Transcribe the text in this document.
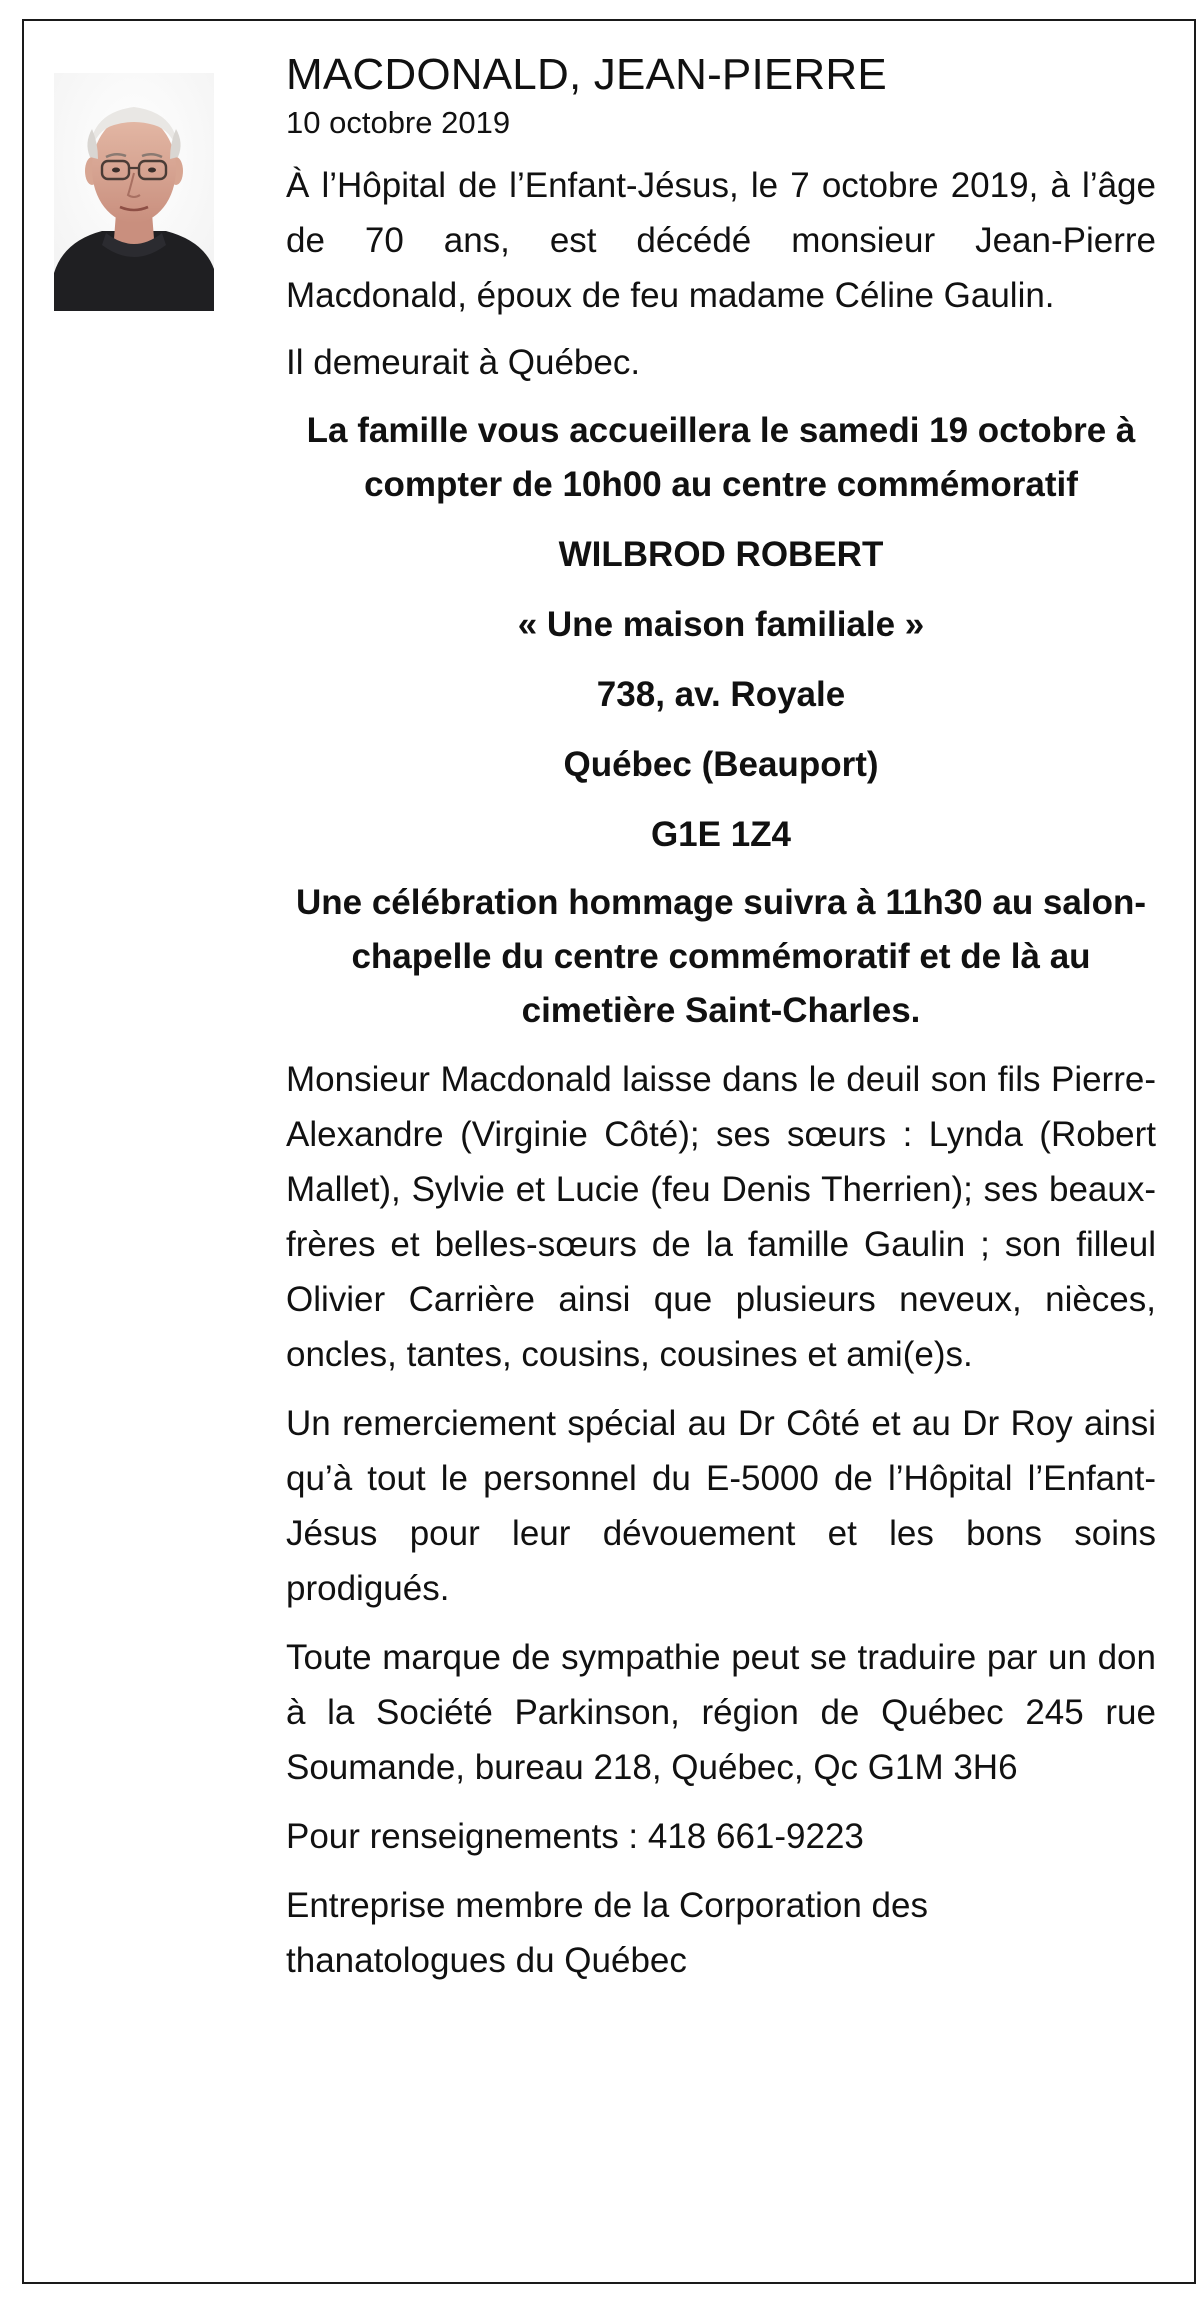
MACDONALD, JEAN-PIERRE

10 octobre 2019

À l’Hôpital de l’Enfant-Jésus, le 7 octobre 2019, à l’âge de 70 ans, est décédé monsieur Jean-Pierre Macdonald, époux de feu madame Céline Gaulin.

Il demeurait à Québec.

La famille vous accueillera le samedi 19 octobre à compter de 10h00 au centre commémoratif

WILBROD ROBERT

« Une maison familiale »

738, av. Royale

Québec (Beauport)

G1E 1Z4

Une célébration hommage suivra à 11h30 au salon-chapelle du centre commémoratif et de là au cimetière Saint-Charles.

Monsieur Macdonald laisse dans le deuil son fils Pierre-Alexandre (Virginie Côté); ses sœurs : Lynda (Robert Mallet), Sylvie et Lucie (feu Denis Therrien); ses beaux-frères et belles-sœurs de la famille Gaulin ; son filleul Olivier Carrière ainsi que plusieurs neveux, nièces, oncles, tantes, cousins, cousines et ami(e)s.

Un remerciement spécial au Dr Côté et au Dr Roy ainsi qu’à tout le personnel du E-5000 de l’Hôpital l’Enfant-Jésus pour leur dévouement et les bons soins prodigués.

Toute marque de sympathie peut se traduire par un don à la Société Parkinson, région de Québec 245 rue Soumande, bureau 218, Québec, Qc G1M 3H6

Pour renseignements : 418 661-9223

Entreprise membre de la Corporation des thanatologues du Québec
